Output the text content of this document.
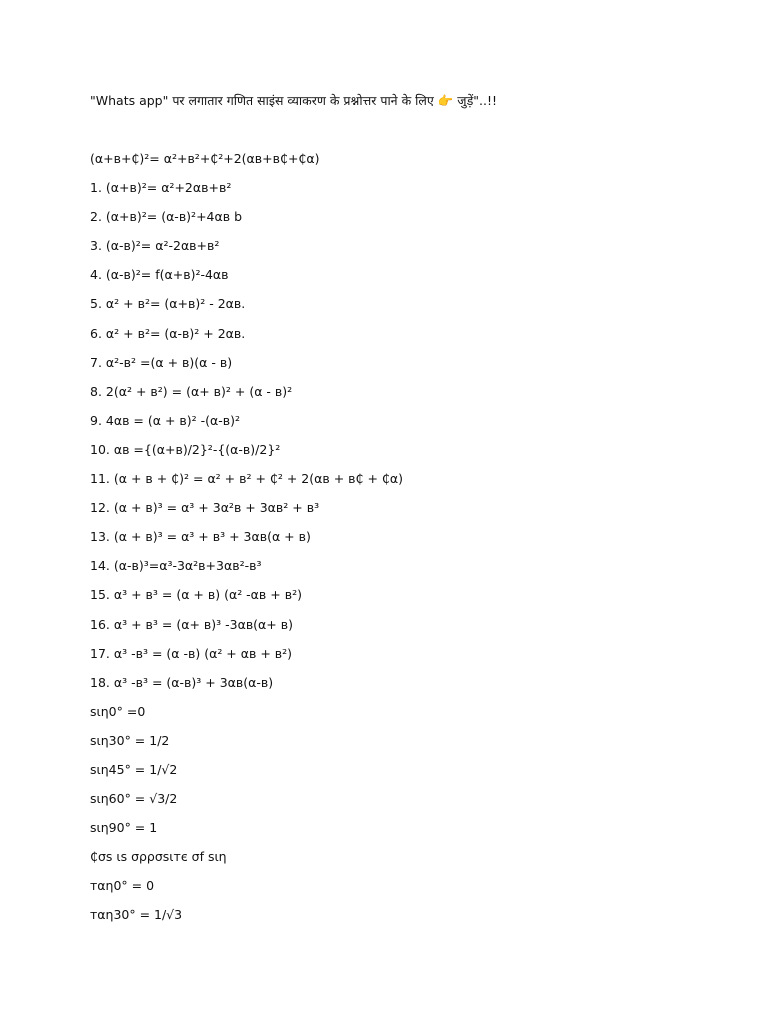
"Whats app" पर लगातार गणित साइंस व्याकरण के प्रश्नोत्तर पाने के लिए 👉 जुड़ें"..!!
(α+в+₵)²= α²+в²+₵²+2(αв+в₵+₵α)
1. (α+в)²= α²+2αв+в²
2. (α+в)²= (α-в)²+4αв b
3. (α-в)²= α²-2αв+в²
4. (α-в)²= f(α+в)²-4αв
5. α² + в²= (α+в)² - 2αв.
6. α² + в²= (α-в)² + 2αв.
7. α²-в² =(α + в)(α - в)
8. 2(α² + в²) = (α+ в)² + (α - в)²
9. 4αв = (α + в)² -(α-в)²
10. αв ={(α+в)/2}²-{(α-в)/2}²
11. (α + в + ₵)² = α² + в² + ₵² + 2(αв + в₵ + ₵α)
12. (α + в)³ = α³ + 3α²в + 3αв² + в³
13. (α + в)³ = α³ + в³ + 3αв(α + в)
14. (α-в)³=α³-3α²в+3αв²-в³
15. α³ + в³ = (α + в) (α² -αв + в²)
16. α³ + в³ = (α+ в)³ -3αв(α+ в)
17. α³ -в³ = (α -в) (α² + αв + в²)
18. α³ -в³ = (α-в)³ + 3αв(α-в)
sιη0° =0
sιη30° = 1/2
sιη45° = 1/√2
sιη60° = √3/2
sιη90° = 1
₵σs ιs σρρσsιтє σf sιη
тαη0° = 0
тαη30° = 1/√3
